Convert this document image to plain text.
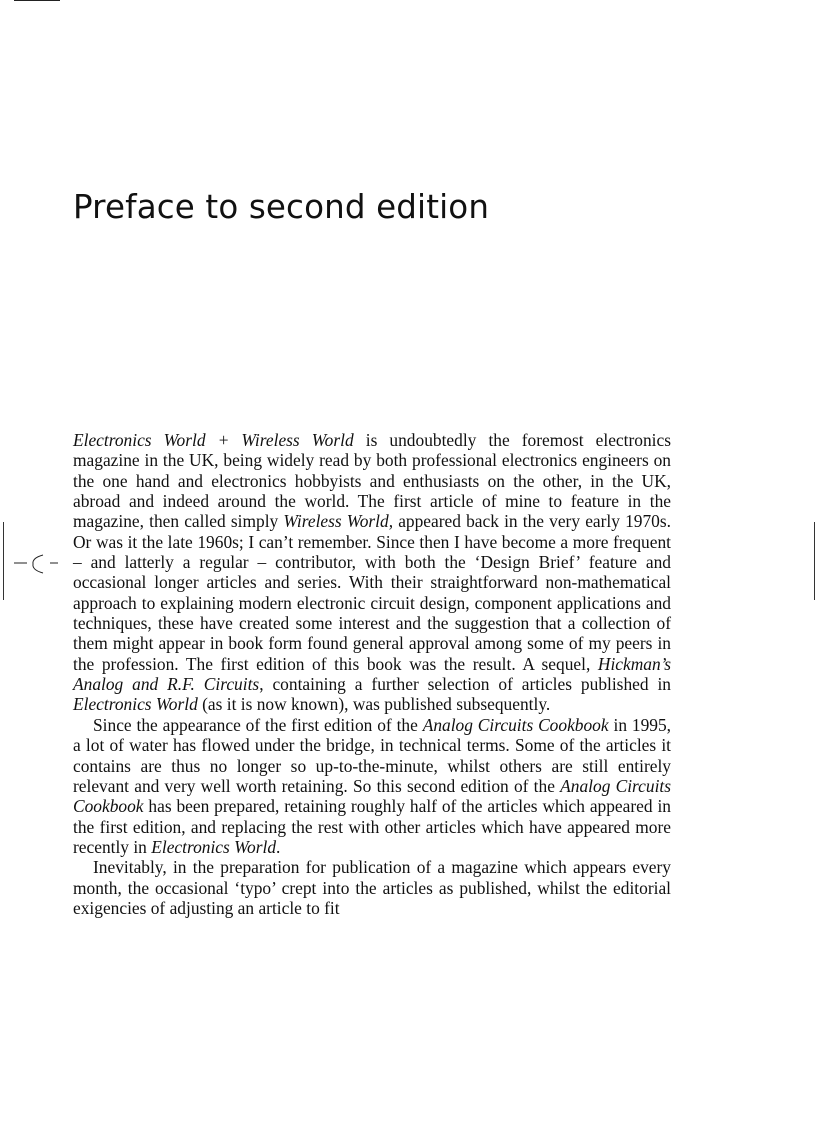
Preface to second edition

Electronics World + Wireless World is undoubtedly the foremost electronics magazine in the UK, being widely read by both professional electronics engineers on the one hand and electronics hobbyists and enthusiasts on the other, in the UK, abroad and indeed around the world. The first article of mine to feature in the magazine, then called simply Wireless World, appeared back in the very early 1970s. Or was it the late 1960s; I can’t remember. Since then I have become a more frequent – and latterly a regular – contributor, with both the ‘Design Brief’ feature and occasional longer articles and series. With their straightforward non-mathematical approach to explaining modern electronic circuit design, component applications and techniques, these have created some interest and the suggestion that a collection of them might appear in book form found general approval among some of my peers in the profession. The first edition of this book was the result. A sequel, Hickman’s Analog and R.F. Circuits, containing a further selection of articles published in Electronics World (as it is now known), was published subsequently.

Since the appearance of the first edition of the Analog Circuits Cookbook in 1995, a lot of water has flowed under the bridge, in technical terms. Some of the articles it contains are thus no longer so up-to-the-minute, whilst others are still entirely relevant and very well worth retaining. So this second edition of the Analog Circuits Cookbook has been prepared, retaining roughly half of the articles which appeared in the first edition, and replacing the rest with other articles which have appeared more recently in Electronics World.

Inevitably, in the preparation for publication of a magazine which appears every month, the occasional ‘typo’ crept into the articles as published, whilst the editorial exigencies of adjusting an article to fit
